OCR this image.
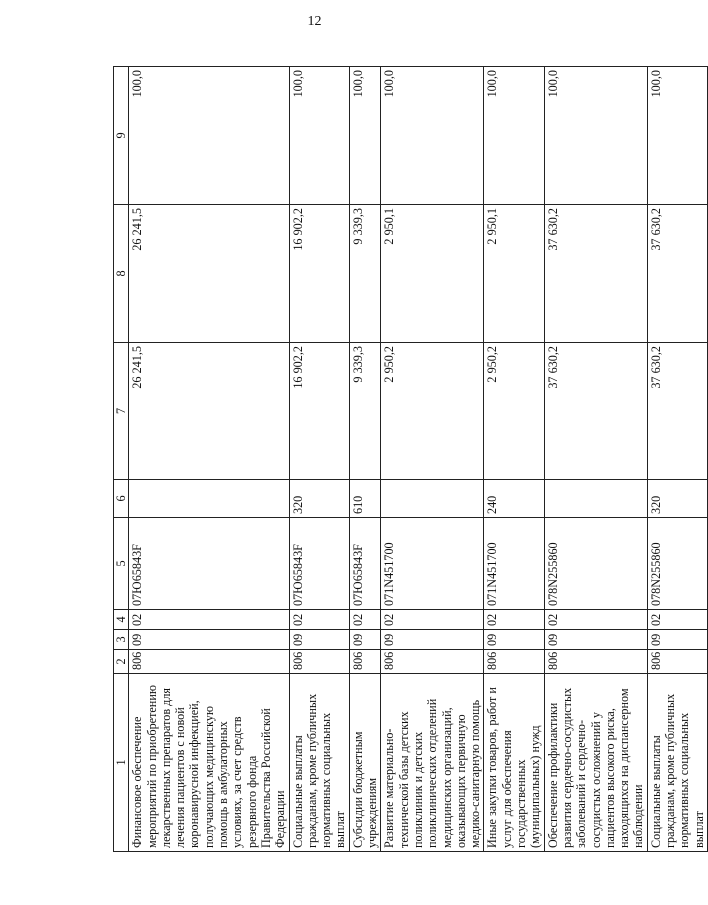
12
1	2	3	4	5	6	7	8	9
Финансовое обеспечение мероприятий по приобретению лекарственных препаратов для лечения пациентов с новой коронавирусной инфекцией, получающих медицинскую помощь в амбулаторных условиях, за счет средств резервного фонда Правительства Российской Федерации	806	09	02	07Ю65843F		26 241,5	26 241,5	100,0
Социальные выплаты гражданам, кроме публичных нормативных социальных выплат	806	09	02	07Ю65843F	320	16 902,2	16 902,2	100,0
Субсидии бюджетным учреждениям	806	09	02	07Ю65843F	610	9 339,3	9 339,3	100,0
Развитие материально-технической базы детских поликлиник и детских поликлинических отделений медицинских организаций, оказывающих первичную медико-санитарную помощь	806	09	02	071N451700		2 950,2	2 950,1	100,0
Иные закупки товаров, работ и услуг для обеспечения государственных (муниципальных) нужд	806	09	02	071N451700	240	2 950,2	2 950,1	100,0
Обеспечение профилактики развития сердечно-сосудистых заболеваний и сердечно-сосудистых осложнений у пациентов высокого риска, находящихся на диспансерном наблюдении	806	09	02	078N255860		37 630,2	37 630,2	100,0
Социальные выплаты гражданам, кроме публичных нормативных социальных выплат	806	09	02	078N255860	320	37 630,2	37 630,2	100,0
